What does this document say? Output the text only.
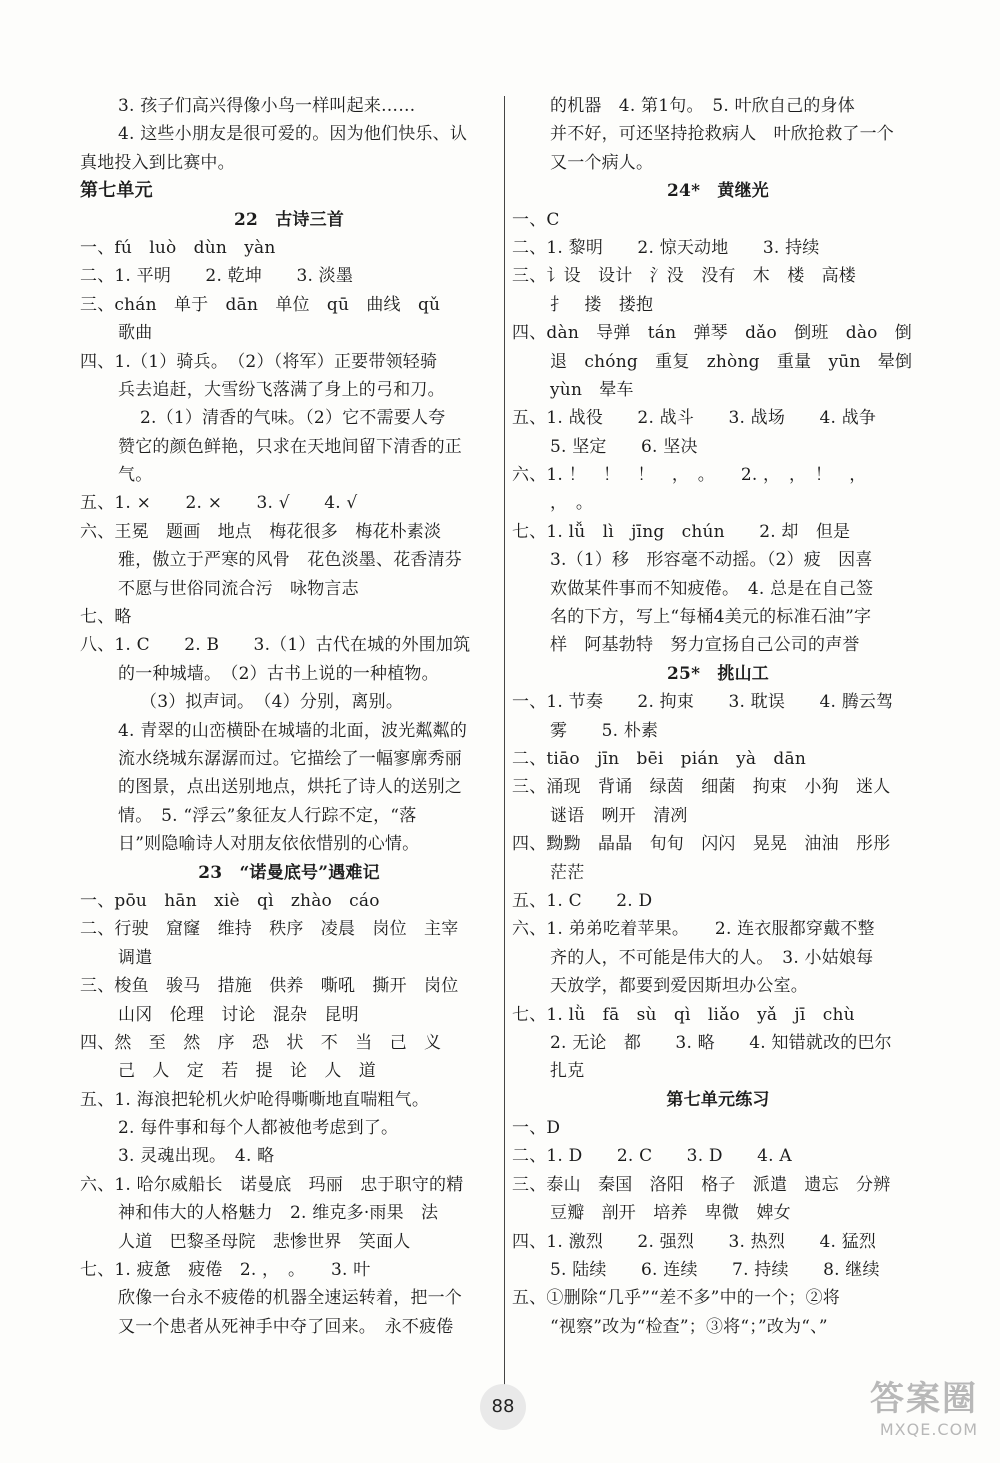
3. 孩子们高兴得像小鸟一样叫起来……
4. 这些小朋友是很可爱的。因为他们快乐、认
真地投入到比赛中。
第七单元
22　古诗三首
一、fú　luò　dùn　yàn
二、1. 平明　　2. 乾坤　　3. 淡墨
三、chán　单于　dān　单位　qū　曲线　qǔ
歌曲
四、1.（1）骑兵。　（2）（将军）正要带领轻骑
兵去追赶，大雪纷飞落满了身上的弓和刀。
2.（1）清香的气味。（2）它不需要人夸
赞它的颜色鲜艳，只求在天地间留下清香的正
气。
五、1. ×　　2. ×　　3. √　　4. √
六、王冕　题画　地点　梅花很多　梅花朴素淡
雅，傲立于严寒的风骨　花色淡墨、花香清芬
不愿与世俗同流合污　咏物言志
七、略
八、1. C　　2. B　　3.（1）古代在城的外围加筑
的一种城墙。　（2）古书上说的一种植物。
（3）拟声词。　（4）分别，离别。
4. 青翠的山峦横卧在城墙的北面，波光粼粼的
流水绕城东潺潺而过。它描绘了一幅寥廓秀丽
的图景，点出送别地点，烘托了诗人的送别之
情。　5. “浮云”象征友人行踪不定，“落
日”则隐喻诗人对朋友依依惜别的心情。
23　“诺曼底号”遇难记
一、pōu　hān　xiè　qì　zhào　cáo
二、行驶　窟窿　维持　秩序　凌晨　岗位　主宰
调遣
三、梭鱼　骏马　措施　供养　嘶吼　撕开　岗位
山冈　伦理　讨论　混杂　昆明
四、然　至　然　序　恐　状　不　当　己　义
己　人　定　若　提　论　人　道
五、1. 海浪把轮机火炉呛得嘶嘶地直喘粗气。
2. 每件事和每个人都被他考虑到了。
3. 灵魂出现。　4. 略
六、1. 哈尔威船长　诺曼底　玛丽　忠于职守的精
神和伟大的人格魅力　2. 维克多·雨果　法
人道　巴黎圣母院　悲惨世界　笑面人
七、1. 疲惫　疲倦　2. ，　。　　3. 叶
欣像一台永不疲倦的机器全速运转着，把一个
又一个患者从死神手中夺了回来。　永不疲倦
的机器　4. 第1句。　5. 叶欣自己的身体
并不好，可还坚持抢救病人　叶欣抢救了一个
又一个病人。
24*　黄继光
一、C
二、1. 黎明　　2. 惊天动地　　3. 持续
三、讠设　设计　氵没　没有　木　楼　高楼
扌　搂　搂抱
四、dàn　导弹　tán　弹琴　dǎo　倒班　dào　倒
退　chóng　重复　zhòng　重量　yūn　晕倒
yùn　晕车
五、1. 战役　　2. 战斗　　3. 战场　　4. 战争
5. 坚定　　6. 坚决
六、1. ！　！　！　，　。　　2. ，　，　！　，
，　。
七、1. lǚ　lì　jīng　chún　　2. 却　但是
3.（1）移　形容毫不动摇。（2）疲　因喜
欢做某件事而不知疲倦。　4. 总是在自己签
名的下方，写上“每桶4美元的标准石油”字
样　阿基勃特　努力宣扬自己公司的声誉
25*　挑山工
一、1. 节奏　　2. 拘束　　3. 耽误　　4. 腾云驾
雾　　5. 朴素
二、tiāo　jīn　bēi　pián　yà　dān
三、涌现　背诵　绿茵　细菌　拘束　小狗　迷人
谜语　咧开　清冽
四、黝黝　晶晶　旬旬　闪闪　晃晃　油油　彤彤
茫茫
五、1. C　　2. D
六、1. 弟弟吃着苹果。　　2. 连衣服都穿戴不整
齐的人，不可能是伟大的人。　3. 小姑娘每
天放学，都要到爱因斯坦办公室。
七、1. lǜ　fā　sù　qì　liǎo　yǎ　jī　chù
2. 无论　都　　3. 略　　4. 知错就改的巴尔
扎克
第七单元练习
一、D
二、1. D　　2. C　　3. D　　4. A
三、泰山　秦国　洛阳　格子　派遣　遗忘　分辨
豆瓣　剖开　培养　卑微　婢女
四、1. 激烈　　2. 强烈　　3. 热烈　　4. 猛烈
5. 陆续　　6. 连续　　7. 持续　　8. 继续
五、①删除“几乎”“差不多”中的一个；②将
“视察”改为“检查”；③将“；”改为“、”
88	答案圈
MXQE.COM
